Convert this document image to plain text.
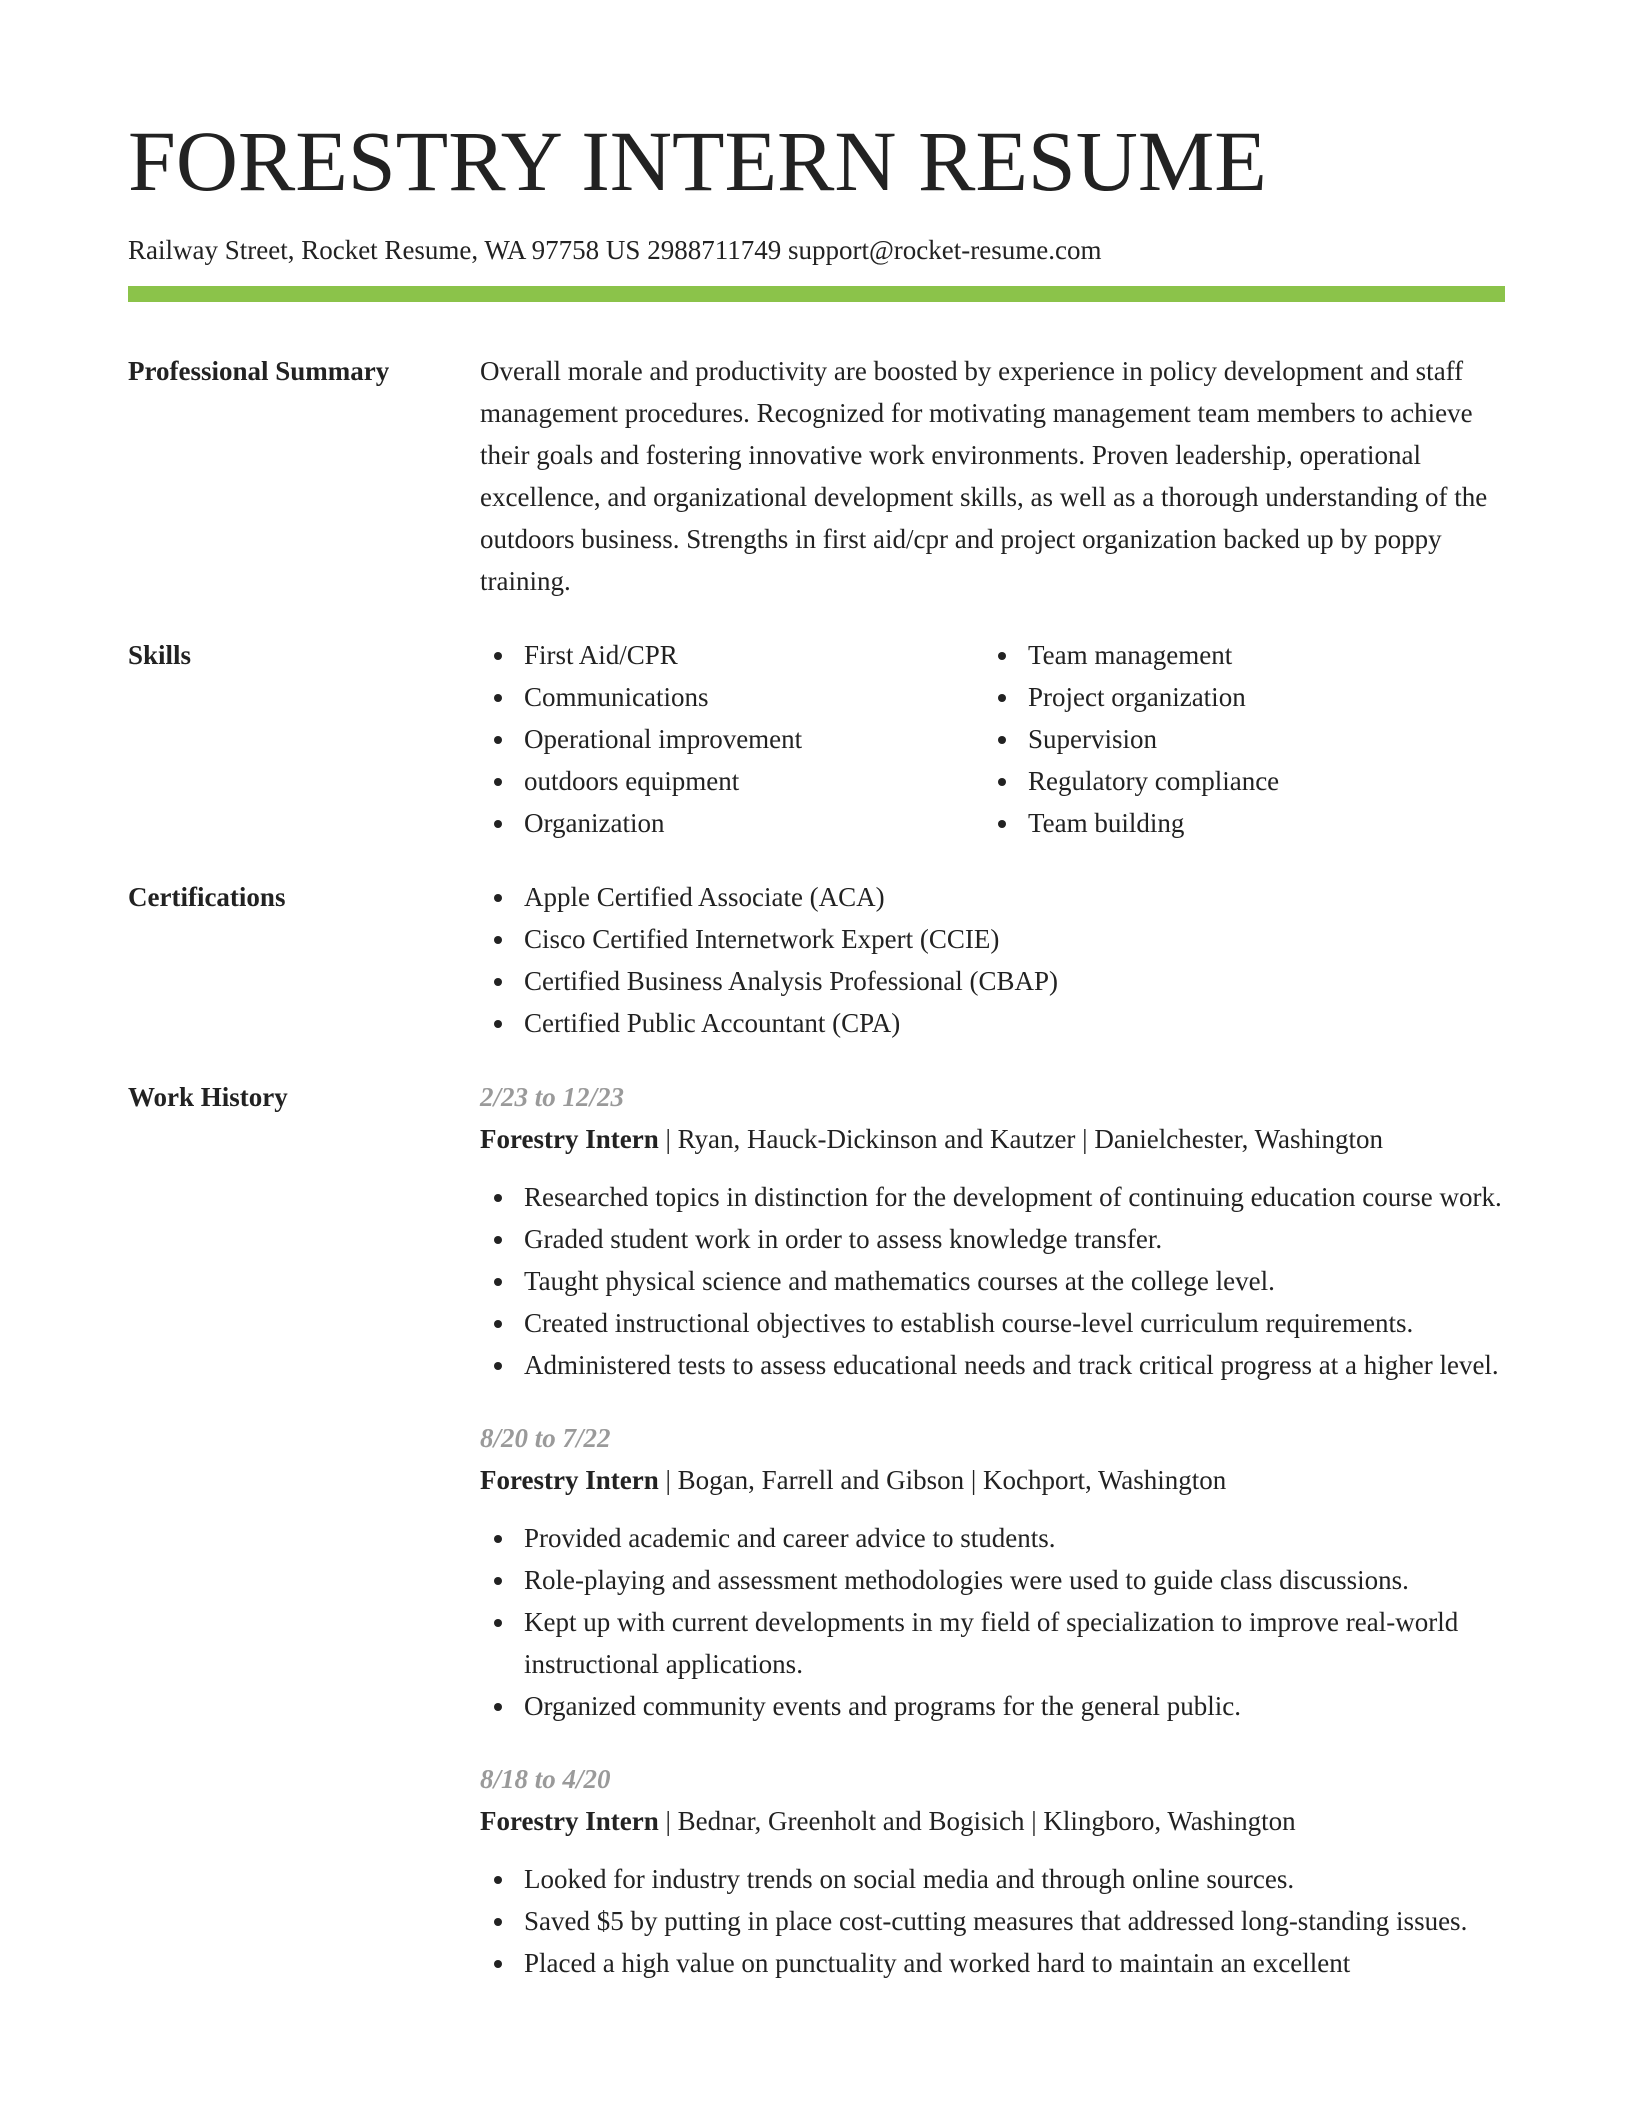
FORESTRY INTERN RESUME
Railway Street, Rocket Resume, WA 97758 US 2988711749 support@rocket-resume.com
Professional Summary	Overall morale and productivity are boosted by experience in policy development and staff management procedures. Recognized for motivating management team members to achieve their goals and fostering innovative work environments. Proven leadership, operational excellence, and organizational development skills, as well as a thorough understanding of the outdoors business. Strengths in first aid/cpr and project organization backed up by poppy training.
Skills	First Aid/CPR
Communications
Operational improvement
outdoors equipment
Organization
Team management
Project organization
Supervision
Regulatory compliance
Team building
Certifications	Apple Certified Associate (ACA)
Cisco Certified Internetwork Expert (CCIE)
Certified Business Analysis Professional (CBAP)
Certified Public Accountant (CPA)
Work History	2/23 to 12/23
Forestry Intern | Ryan, Hauck-Dickinson and Kautzer | Danielchester, Washington
Researched topics in distinction for the development of continuing education course work.
Graded student work in order to assess knowledge transfer.
Taught physical science and mathematics courses at the college level.
Created instructional objectives to establish course-level curriculum requirements.
Administered tests to assess educational needs and track critical progress at a higher level.
8/20 to 7/22
Forestry Intern | Bogan, Farrell and Gibson | Kochport, Washington
Provided academic and career advice to students.
Role-playing and assessment methodologies were used to guide class discussions.
Kept up with current developments in my field of specialization to improve real-world instructional applications.
Organized community events and programs for the general public.
8/18 to 4/20
Forestry Intern | Bednar, Greenholt and Bogisich | Klingboro, Washington
Looked for industry trends on social media and through online sources.
Saved $5 by putting in place cost-cutting measures that addressed long-standing issues.
Placed a high value on punctuality and worked hard to maintain an excellent
